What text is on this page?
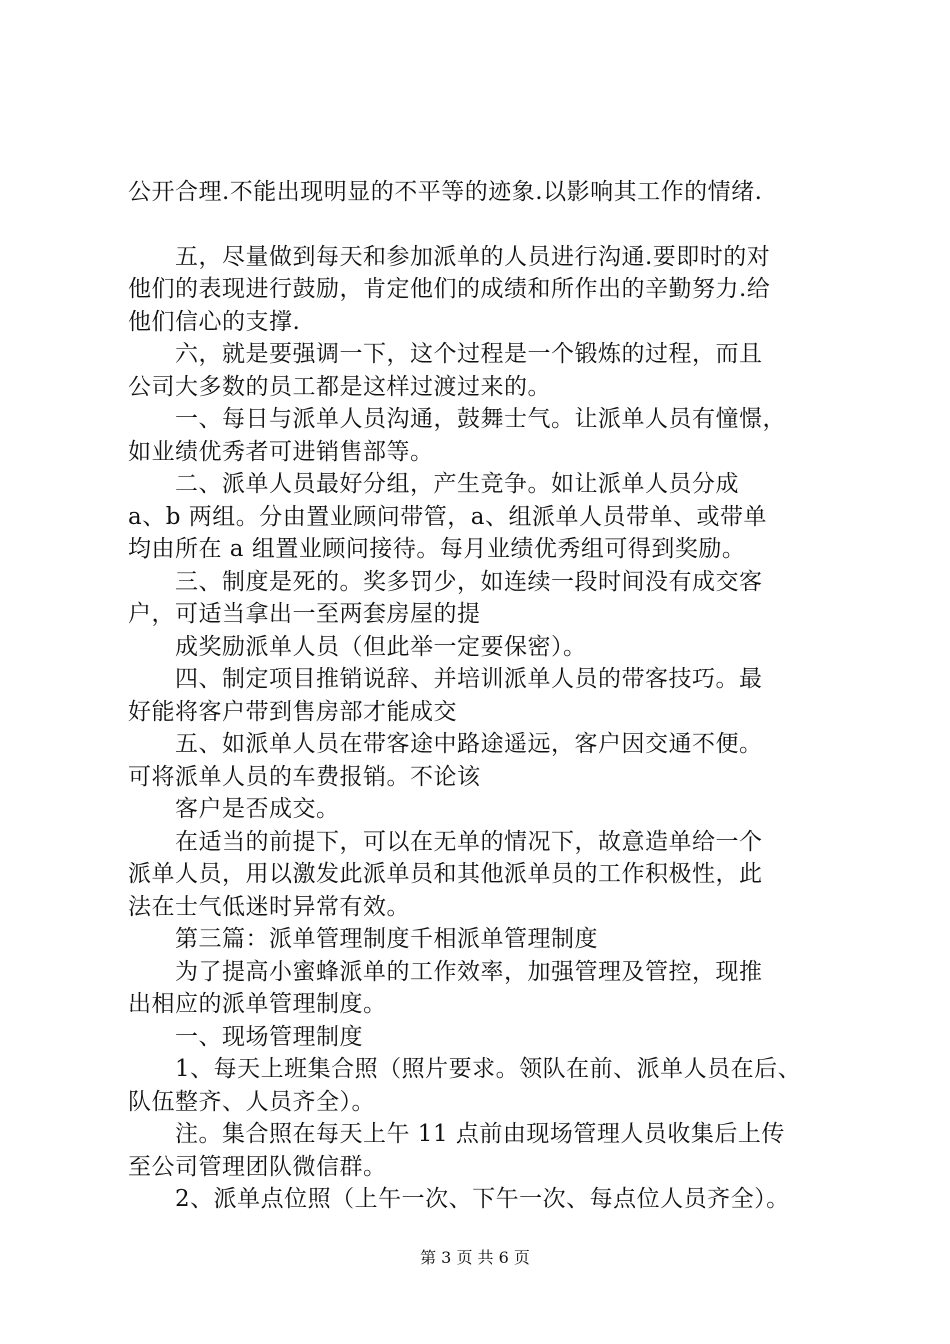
公开合理.不能出现明显的不平等的迹象.以影响其工作的情绪.
　　五，尽量做到每天和参加派单的人员进行沟通.要即时的对
他们的表现进行鼓励，肯定他们的成绩和所作出的辛勤努力.给
他们信心的支撑.
　　六，就是要强调一下，这个过程是一个锻炼的过程，而且
公司大多数的员工都是这样过渡过来的。
　　一、每日与派单人员沟通，鼓舞士气。让派单人员有憧憬，
如业绩优秀者可进销售部等。
　　二、派单人员最好分组，产生竞争。如让派单人员分成
a、b 两组。分由置业顾问带管，a、组派单人员带单、或带单
均由所在 a 组置业顾问接待。每月业绩优秀组可得到奖励。
　　三、制度是死的。奖多罚少，如连续一段时间没有成交客
户，可适当拿出一至两套房屋的提
　　成奖励派单人员（但此举一定要保密）。
　　四、制定项目推销说辞、并培训派单人员的带客技巧。最
好能将客户带到售房部才能成交
　　五、如派单人员在带客途中路途遥远，客户因交通不便。
可将派单人员的车费报销。不论该
　　客户是否成交。
　　在适当的前提下，可以在无单的情况下，故意造单给一个
派单人员，用以激发此派单员和其他派单员的工作积极性，此
法在士气低迷时异常有效。
　　第三篇：派单管理制度千相派单管理制度
　　为了提高小蜜蜂派单的工作效率，加强管理及管控，现推
出相应的派单管理制度。
　　一、现场管理制度
　　1、每天上班集合照（照片要求。领队在前、派单人员在后、
队伍整齐、人员齐全）。
　　注。集合照在每天上午 11 点前由现场管理人员收集后上传
至公司管理团队微信群。
　　2、派单点位照（上午一次、下午一次、每点位人员齐全）。
第 3 页 共 6 页
